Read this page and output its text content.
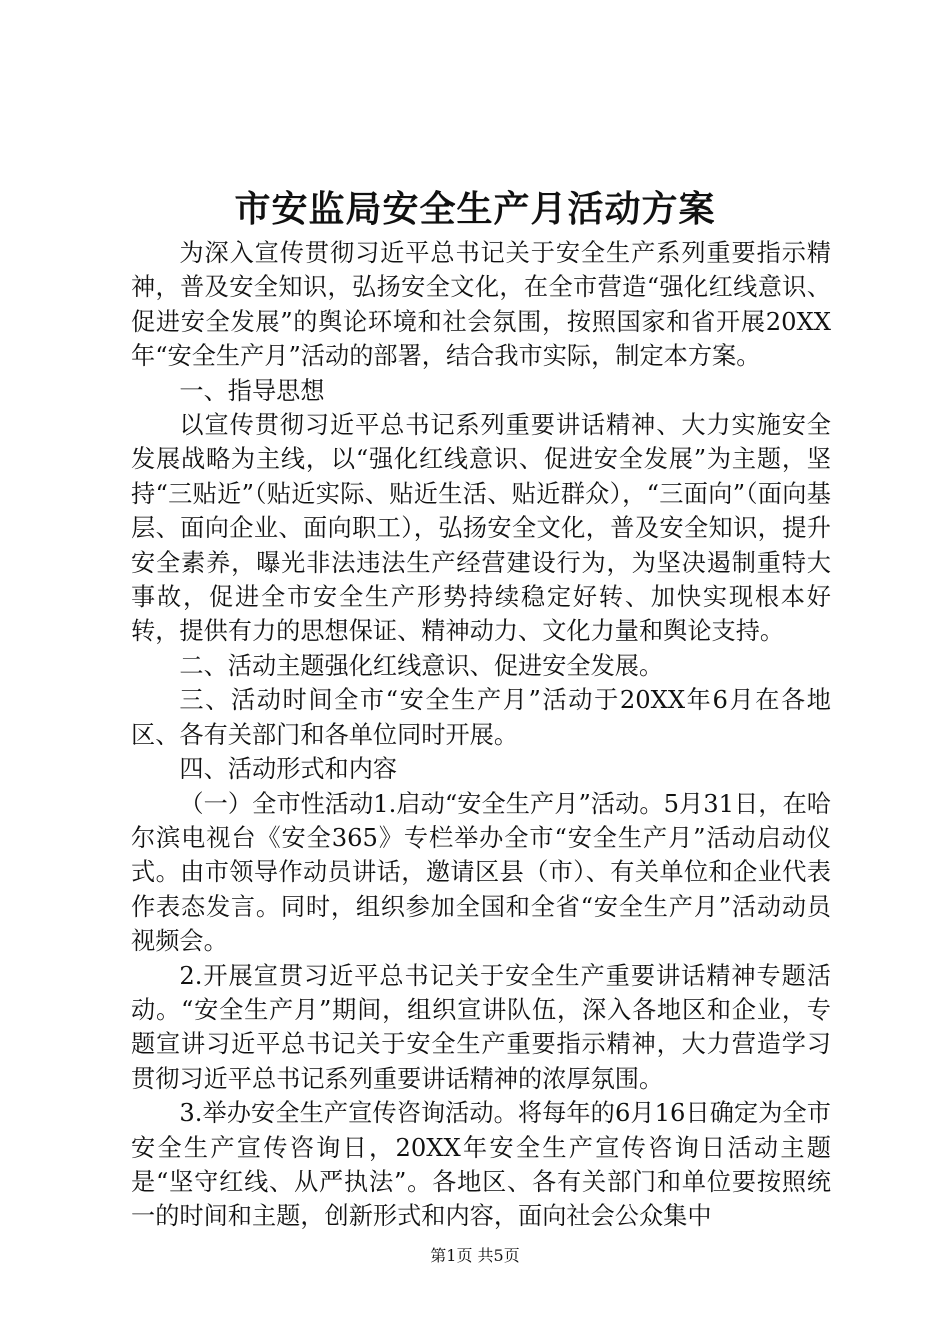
市安监局安全生产月活动方案

为深入宣传贯彻习近平总书记关于安全生产系列重要指示精神，普及安全知识，弘扬安全文化，在全市营造“强化红线意识、促进安全发展”的舆论环境和社会氛围，按照国家和省开展20XX年“安全生产月”活动的部署，结合我市实际，制定本方案。

一、指导思想

以宣传贯彻习近平总书记系列重要讲话精神、大力实施安全发展战略为主线，以“强化红线意识、促进安全发展”为主题，坚持“三贴近”（贴近实际、贴近生活、贴近群众），“三面向”（面向基层、面向企业、面向职工），弘扬安全文化，普及安全知识，提升安全素养，曝光非法违法生产经营建设行为，为坚决遏制重特大事故，促进全市安全生产形势持续稳定好转、加快实现根本好转，提供有力的思想保证、精神动力、文化力量和舆论支持。

二、活动主题强化红线意识、促进安全发展。

三、活动时间全市“安全生产月”活动于20XX年6月在各地区、各有关部门和各单位同时开展。

四、活动形式和内容

（一）全市性活动1.启动“安全生产月”活动。5月31日，在哈尔滨电视台《安全365》专栏举办全市“安全生产月”活动启动仪式。由市领导作动员讲话，邀请区县（市）、有关单位和企业代表作表态发言。同时，组织参加全国和全省“安全生产月”活动动员视频会。

2.开展宣贯习近平总书记关于安全生产重要讲话精神专题活动。“安全生产月”期间，组织宣讲队伍，深入各地区和企业，专题宣讲习近平总书记关于安全生产重要指示精神，大力营造学习贯彻习近平总书记系列重要讲话精神的浓厚氛围。

3.举办安全生产宣传咨询活动。将每年的6月16日确定为全市安全生产宣传咨询日，20XX年安全生产宣传咨询日活动主题是“坚守红线、从严执法”。各地区、各有关部门和单位要按照统一的时间和主题，创新形式和内容，面向社会公众集中

第1页 共5页
